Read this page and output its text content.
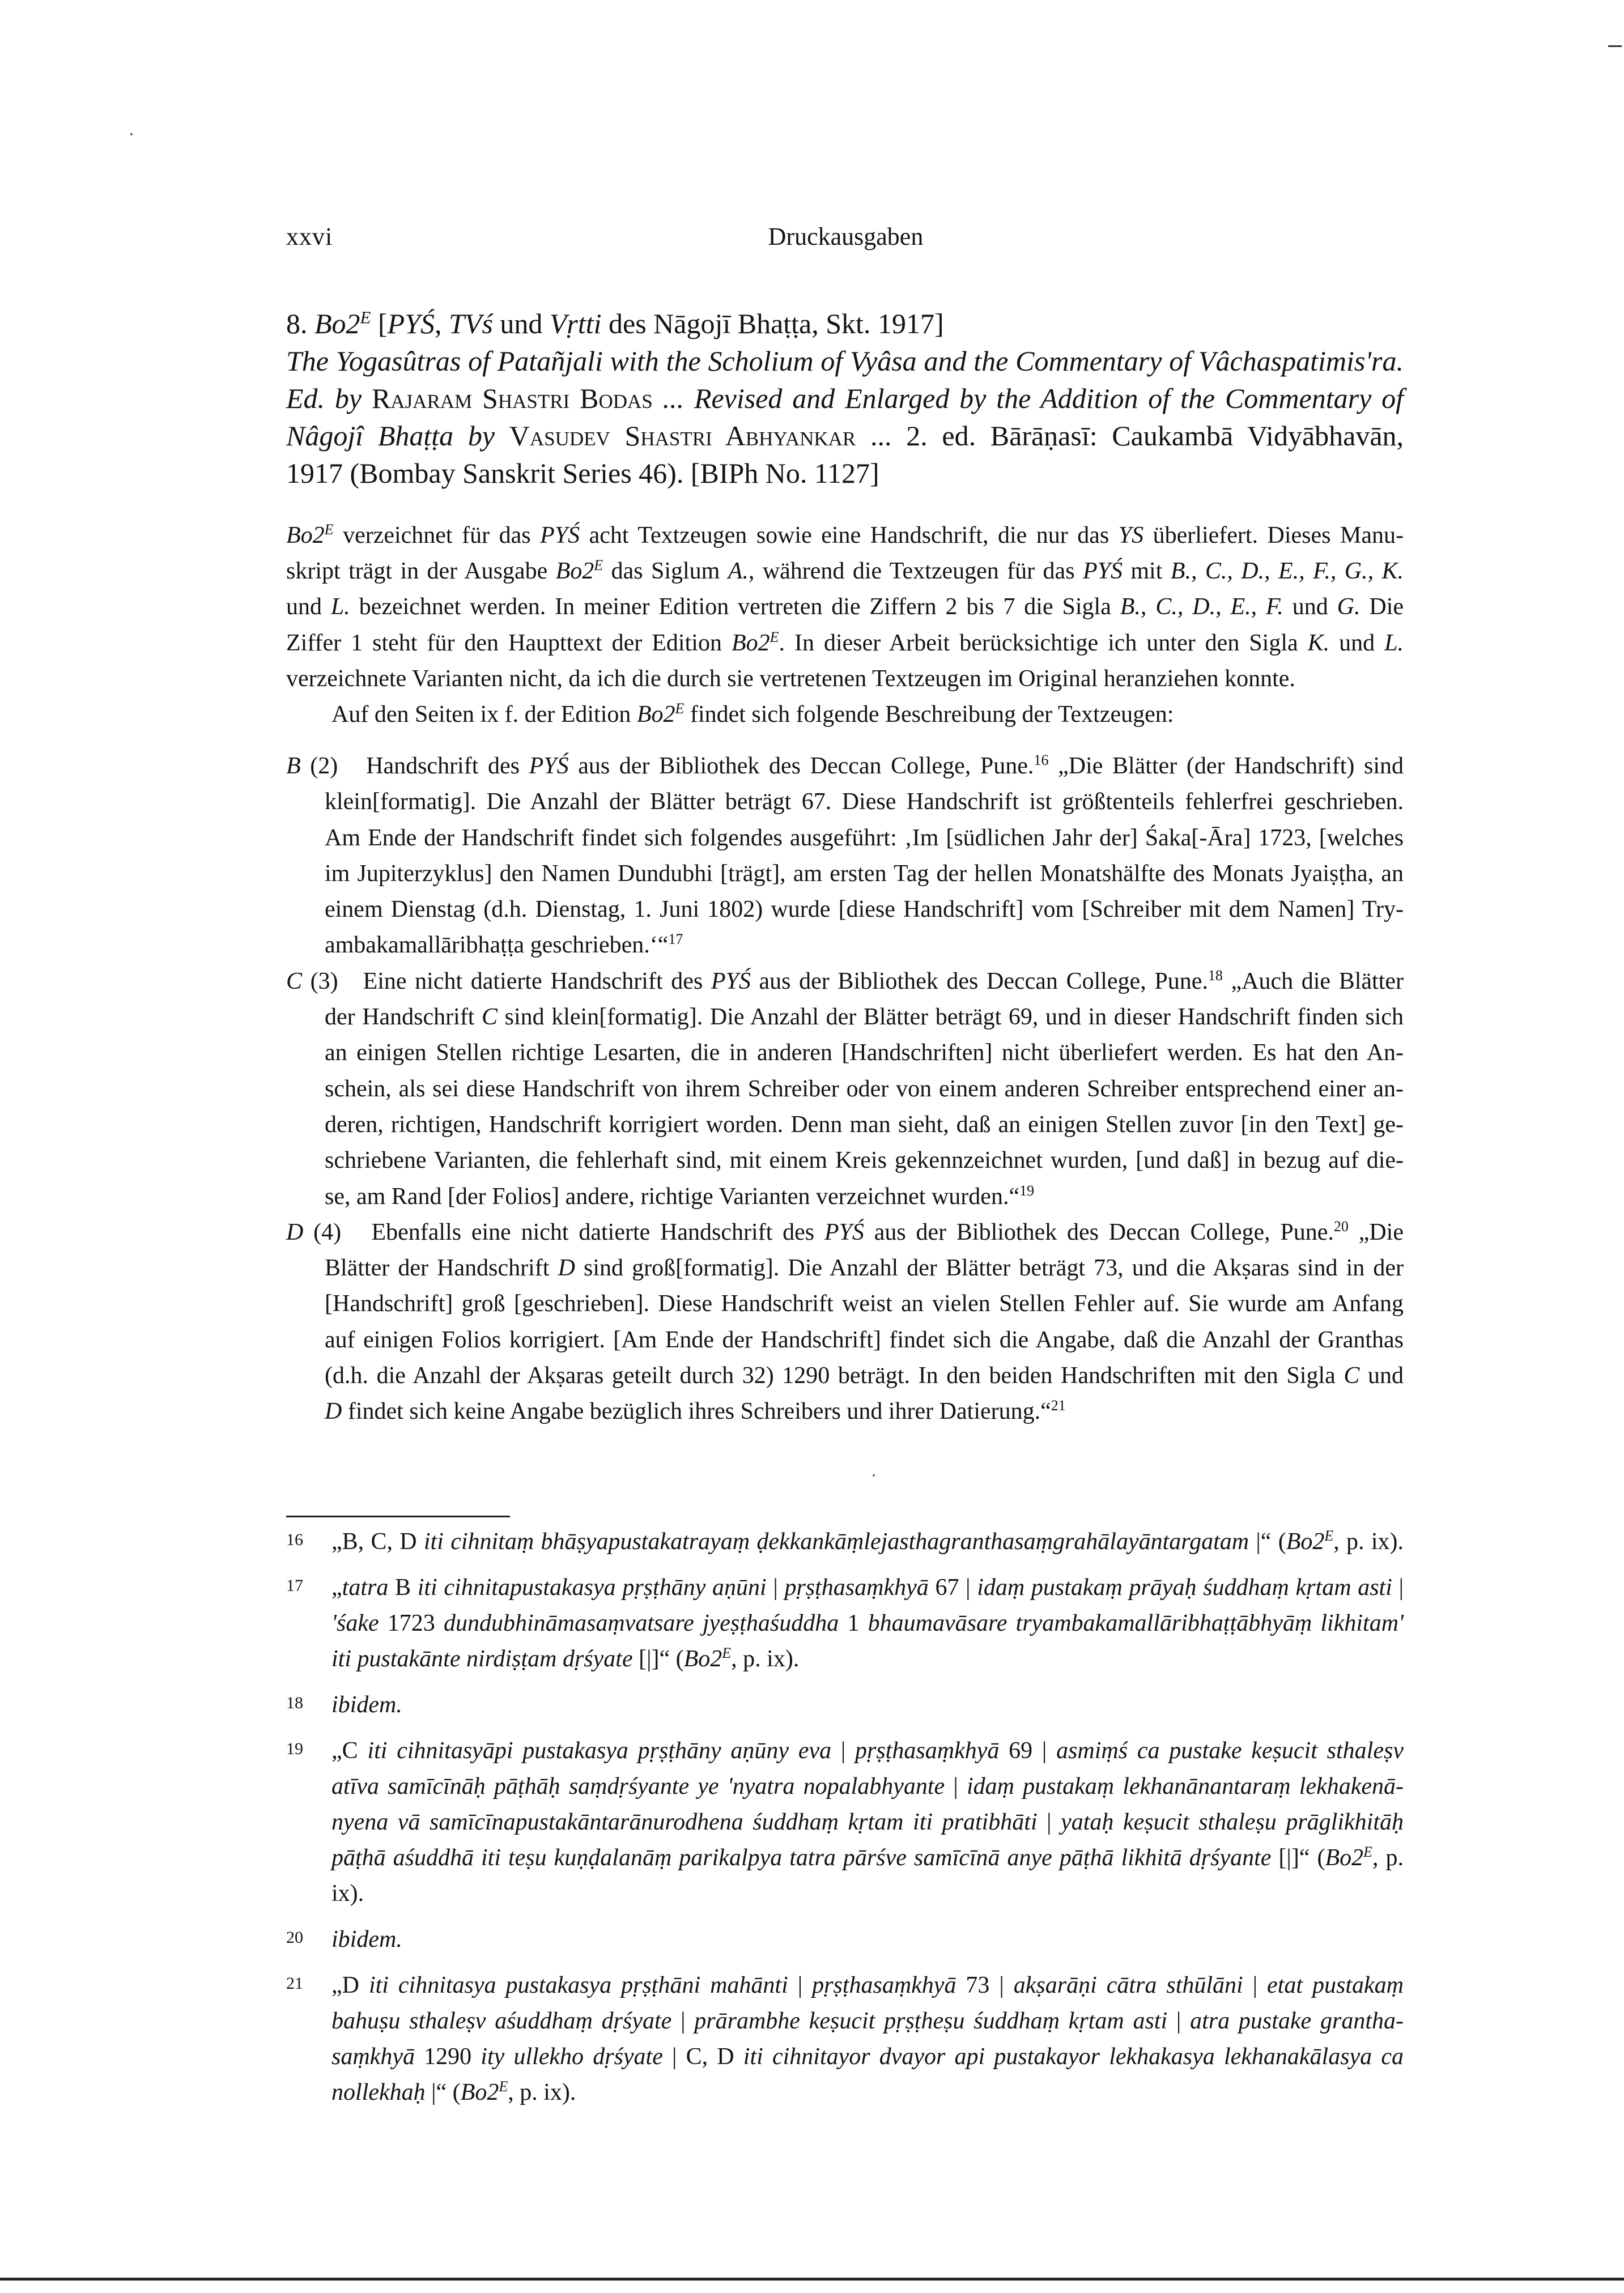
xxvi	Druckausgaben
8. $Bo2^E$ [PYŚ, TVś und Vṛtti des Nāgojī Bhaṭṭa, Skt. 1917]
The Yogasûtras of Patañjali with the Scholium of Vyâsa and the Commentary of Vâchaspatimis'ra.
Ed. by Rajaram Shastri Bodas ... Revised and Enlarged by the Addition of the Commentary of
Nâgojî Bhaṭṭa by Vasudev Shastri Abhyankar ... 2. ed. Bārāṇasī: Caukambā Vidyābhavān,
1917 (Bombay Sanskrit Series 46). [BIPh No. 1127]
$Bo2^E$ verzeichnet für das PYŚ acht Textzeugen sowie eine Handschrift, die nur das YS überliefert. Dieses Manu-
skript trägt in der Ausgabe $Bo2^E$ das Siglum A., während die Textzeugen für das PYŚ mit B., C., D., E., F., G., K.
und L. bezeichnet werden. In meiner Edition vertreten die Ziffern 2 bis 7 die Sigla B., C., D., E., F. und G. Die
Ziffer 1 steht für den Haupttext der Edition $Bo2^E$. In dieser Arbeit berücksichtige ich unter den Sigla K. und L.
verzeichnete Varianten nicht, da ich die durch sie vertretenen Textzeugen im Original heranziehen konnte.
Auf den Seiten ix f. der Edition $Bo2^E$ findet sich folgende Beschreibung der Textzeugen:
B (2) Handschrift des PYŚ aus der Bibliothek des Deccan College, Pune.$^{16}$ „Die Blätter (der Handschrift) sind
klein[formatig]. Die Anzahl der Blätter beträgt 67. Diese Handschrift ist größtenteils fehlerfrei geschrieben.
Am Ende der Handschrift findet sich folgendes ausgeführt: ‚Im [südlichen Jahr der] Śaka[-Āra] 1723, [welches
im Jupiterzyklus] den Namen Dundubhi [trägt], am ersten Tag der hellen Monatshälfte des Monats Jyaiṣṭha, an
einem Dienstag (d.h. Dienstag, 1. Juni 1802) wurde [diese Handschrift] vom [Schreiber mit dem Namen] Try-
ambakamallāribhaṭṭa geschrieben.‘“$^{17}$
C (3) Eine nicht datierte Handschrift des PYŚ aus der Bibliothek des Deccan College, Pune.$^{18}$ „Auch die Blätter
der Handschrift C sind klein[formatig]. Die Anzahl der Blätter beträgt 69, und in dieser Handschrift finden sich
an einigen Stellen richtige Lesarten, die in anderen [Handschriften] nicht überliefert werden. Es hat den An-
schein, als sei diese Handschrift von ihrem Schreiber oder von einem anderen Schreiber entsprechend einer an-
deren, richtigen, Handschrift korrigiert worden. Denn man sieht, daß an einigen Stellen zuvor [in den Text] ge-
schriebene Varianten, die fehlerhaft sind, mit einem Kreis gekennzeichnet wurden, [und daß] in bezug auf die-
se, am Rand [der Folios] andere, richtige Varianten verzeichnet wurden.“$^{19}$
D (4) Ebenfalls eine nicht datierte Handschrift des PYŚ aus der Bibliothek des Deccan College, Pune.$^{20}$ „Die
Blätter der Handschrift D sind groß[formatig]. Die Anzahl der Blätter beträgt 73, und die Akṣaras sind in der
[Handschrift] groß [geschrieben]. Diese Handschrift weist an vielen Stellen Fehler auf. Sie wurde am Anfang
auf einigen Folios korrigiert. [Am Ende der Handschrift] findet sich die Angabe, daß die Anzahl der Granthas
(d.h. die Anzahl der Akṣaras geteilt durch 32) 1290 beträgt. In den beiden Handschriften mit den Sigla C und
D findet sich keine Angabe bezüglich ihres Schreibers und ihrer Datierung.“$^{21}$
16 „B, C, D iti cihnitaṃ bhāṣyapustakatrayaṃ ḍekkankāṃlejasthagranthasaṃgrahālayāntargatam |“ ($Bo2^E$, p. ix).
17 „tatra B iti cihnitapustakasya pṛṣṭhāny aṇūni | pṛṣṭhasaṃkhyā 67 | idaṃ pustakaṃ prāyaḥ śuddhaṃ kṛtam asti |
'śake 1723 dundubhināmasaṃvatsare jyeṣṭhaśuddha 1 bhaumavāsare tryambakamallāribhaṭṭābhyāṃ likhitam'
iti pustakānte nirdiṣṭam dṛśyate [|]“ ($Bo2^E$, p. ix).
18 ibidem.
19 „C iti cihnitasyāpi pustakasya pṛṣṭhāny aṇūny eva | pṛṣṭhasaṃkhyā 69 | asmiṃś ca pustake keṣucit sthaleṣv
atīva samīcīnāḥ pāṭhāḥ saṃdṛśyante ye 'nyatra nopalabhyante | idaṃ pustakaṃ lekhanānantaraṃ lekhakenā-
nyena vā samīcīnapustakāntarānurodhena śuddhaṃ kṛtam iti pratibhāti | yataḥ keṣucit sthaleṣu prāglikhitāḥ
pāṭhā aśuddhā iti teṣu kuṇḍalanāṃ parikalpya tatra pārśve samīcīnā anye pāṭhā likhitā dṛśyante [|]“ ($Bo2^E$, p.
ix).
20 ibidem.
21 „D iti cihnitasya pustakasya pṛṣṭhāni mahānti | pṛṣṭhasaṃkhyā 73 | akṣarāṇi cātra sthūlāni | etat pustakaṃ
bahuṣu sthaleṣv aśuddhaṃ dṛśyate | prārambhe keṣucit pṛṣṭheṣu śuddhaṃ kṛtam asti | atra pustake grantha-
saṃkhyā 1290 ity ullekho dṛśyate | C, D iti cihnitayor dvayor api pustakayor lekhakasya lekhanakālasya ca
nollekhaḥ |“ ($Bo2^E$, p. ix).
